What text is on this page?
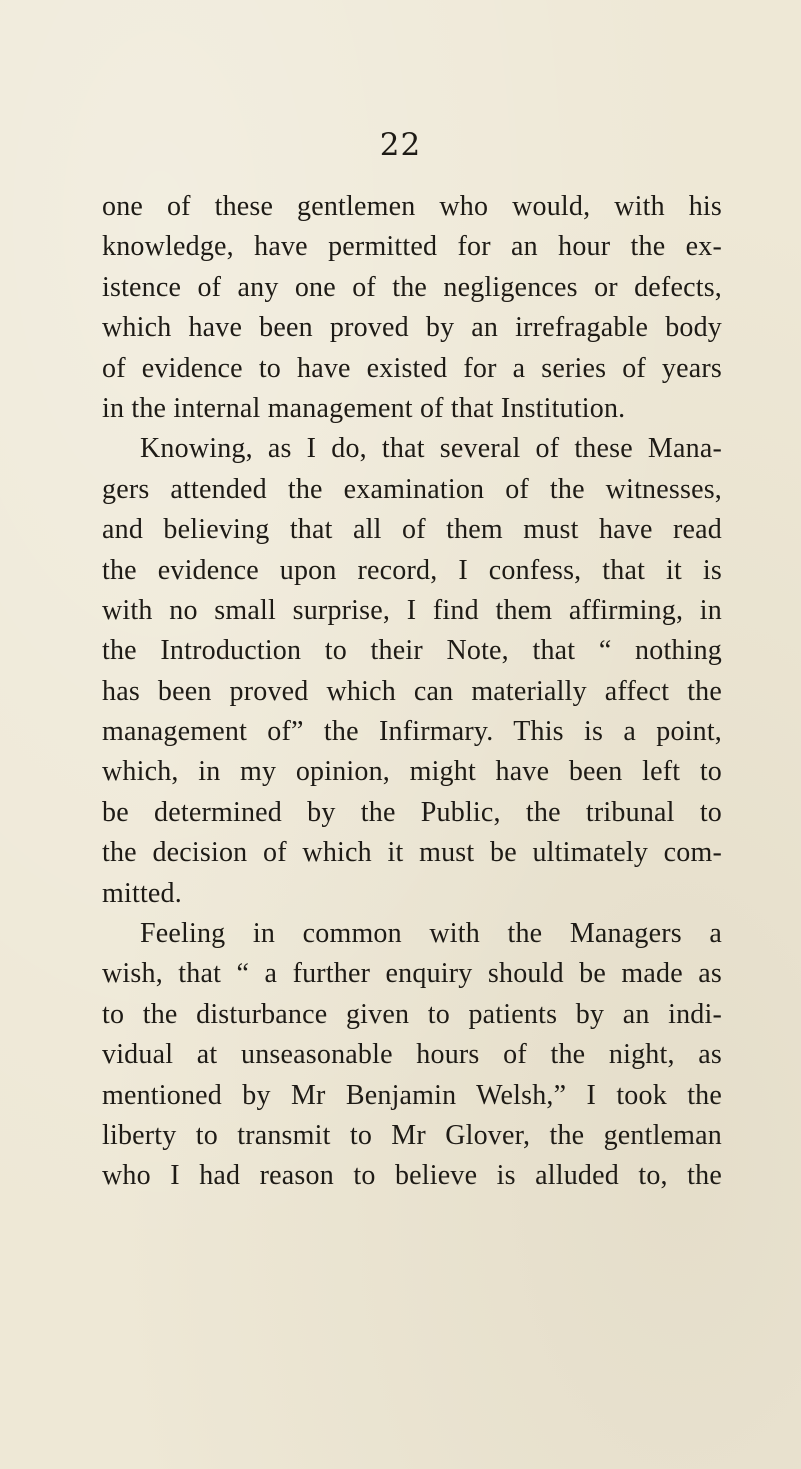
22
one of these gentlemen who would, with his
knowledge, have permitted for an hour the ex-
istence of any one of the negligences or defects,
which have been proved by an irrefragable body
of evidence to have existed for a series of years
in the internal management of that Institution.
Knowing, as I do, that several of these Mana-
gers attended the examination of the witnesses,
and believing that all of them must have read
the evidence upon record, I confess, that it is
with no small surprise, I find them affirming, in
the Introduction to their Note, that “ nothing
has been proved which can materially affect the
management of” the Infirmary. This is a point,
which, in my opinion, might have been left to
be determined by the Public, the tribunal to
the decision of which it must be ultimately com-
mitted.
Feeling in common with the Managers a
wish, that “ a further enquiry should be made as
to the disturbance given to patients by an indi-
vidual at unseasonable hours of the night, as
mentioned by Mr Benjamin Welsh,” I took the
liberty to transmit to Mr Glover, the gentleman
who I had reason to believe is alluded to, the
